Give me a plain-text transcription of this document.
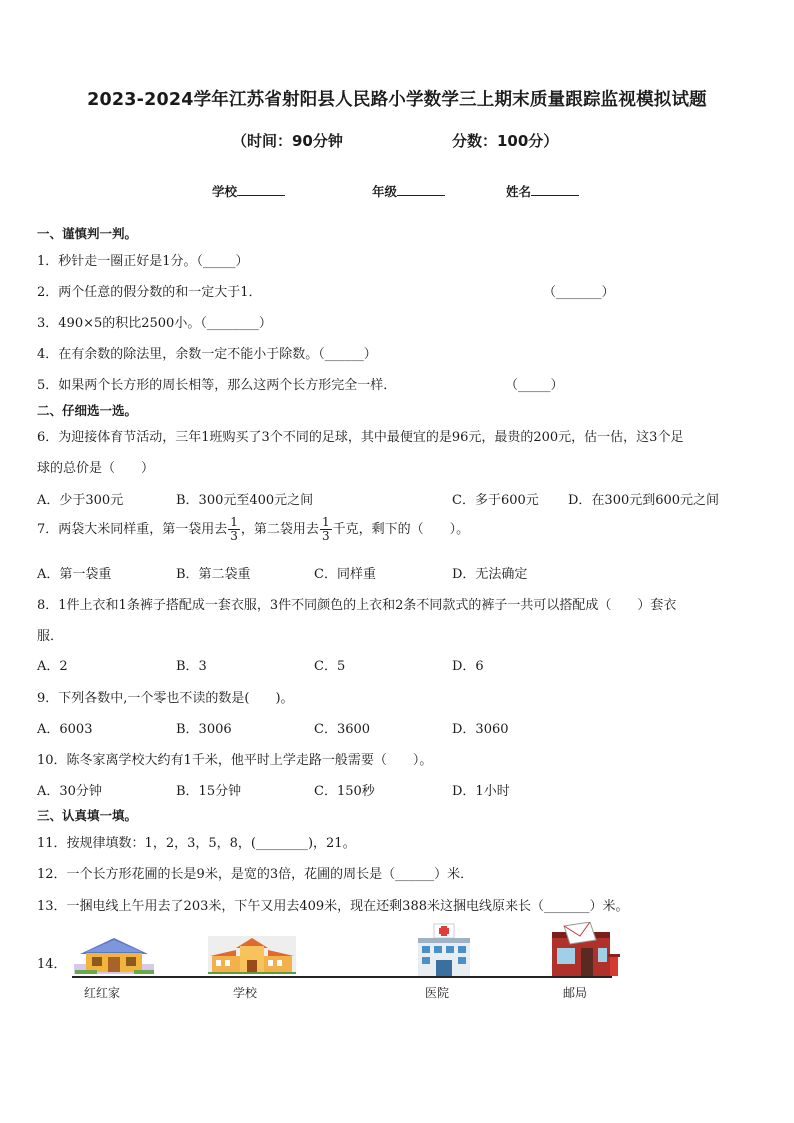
2023-2024学年江苏省射阳县人民路小学数学三上期末质量跟踪监视模拟试题
（时间：90分钟	分数：100分）
学校	年级	姓名
一、谨慎判一判。
1．秒针走一圈正好是1分。（_____）
2．两个任意的假分数的和一定大于1．	（_______）
3．490×5的积比2500小。（________）
4．在有余数的除法里，余数一定不能小于除数。（______）
5．如果两个长方形的周长相等，那么这两个长方形完全一样．	（_____）
二、仔细选一选。
6．为迎接体育节活动，三年1班购买了3个不同的足球，其中最便宜的是96元，最贵的200元，估一估，这3个足
球的总价是（　　）
A．少于300元	B．300元至400元之间	C．多于600元 D．在300元到600元之间
7．两袋大米同样重，第一袋用去 $\frac{1}{3}$ ，第二袋用去 $\frac{1}{3}$ 千克，剩下的（　　）。
A．第一袋重	B．第二袋重	C．同样重	D．无法确定
8．1件上衣和1条裤子搭配成一套衣服，3件不同颜色的上衣和2条不同款式的裤子一共可以搭配成（　　）套衣
服．
A．2	B．3	C．5	D．6
9．下列各数中,一个零也不读的数是(　　)。
A．6003	B．3006	C．3600	D．3060
10．陈冬家离学校大约有1千米，他平时上学走路一般需要（　　）。
A．30分钟	B．15分钟	C．150秒	D．1小时
三、认真填一填。
11．按规律填数：1，2，3，5，8，(________)，21。
12．一个长方形花圃的长是9米，是宽的3倍，花圃的周长是（______）米．
13．一捆电线上午用去了203米，下午又用去409米，现在还剩388米这捆电线原来长（_______）米。
14．
红红家	学校	医院	邮局
